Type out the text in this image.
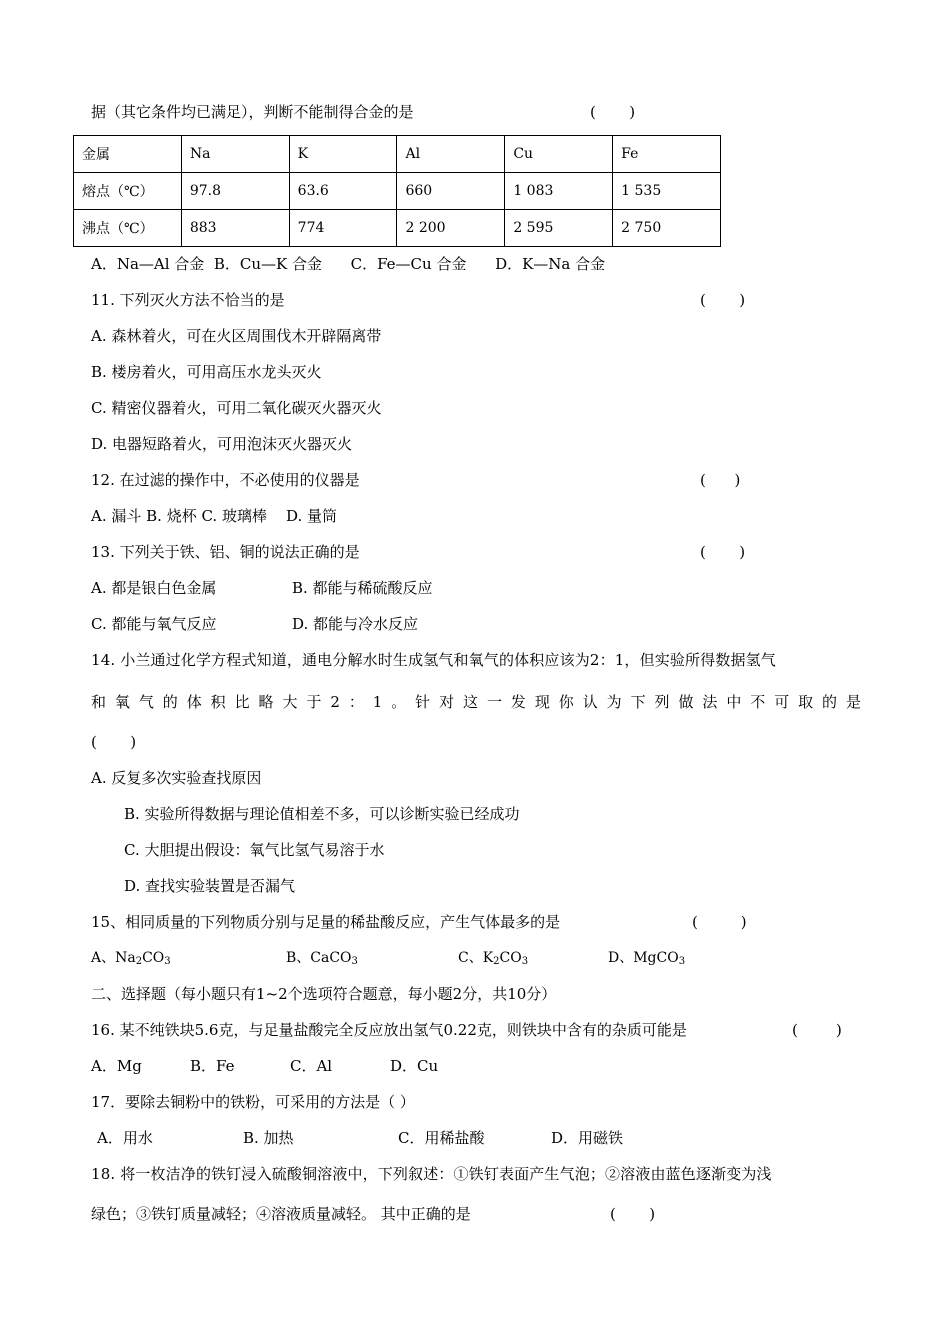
据（其它条件均已满足），判断不能制得合金的是	(       )
金属	Na	K	Al	Cu	Fe
熔点（℃）	97.8	63.6	660	1 083	1 535
沸点（℃）	883	774	2 200	2 595	2 750
A．Na—Al 合金 B．Cu—K 合金 C．Fe—Cu 合金 D．K—Na 合金
11. 下列灭火方法不恰当的是	(       )
A. 森林着火，可在火区周围伐木开辟隔离带
B. 楼房着火，可用高压水龙头灭火
C. 精密仪器着火，可用二氧化碳灭火器灭火
D. 电器短路着火，可用泡沫灭火器灭火
12. 在过滤的操作中，不必使用的仪器是	(      )
A. 漏斗 B. 烧杯 C. 玻璃棒    D. 量筒
13. 下列关于铁、铝、铜的说法正确的是	(       )
A. 都是银白色金属	B. 都能与稀硫酸反应
C. 都能与氧气反应	D. 都能与冷水反应
14. 小兰通过化学方程式知道，通电分解水时生成氢气和氧气的体积应该为2：1，但实验所得数据氢气
和氧气的体积比略大于2：1。针对这一发现你认为下列做法中不可取的是
(       )
A. 反复多次实验查找原因
B. 实验所得数据与理论值相差不多，可以诊断实验已经成功
C. 大胆提出假设：氧气比氢气易溶于水
D. 查找实验装置是否漏气
15、相同质量的下列物质分别与足量的稀盐酸反应，产生气体最多的是	(         )
A、$Na_2CO_3$	B、CaCO$_3$	C、$K_2CO_3$	D、MgCO$_3$
二、选择题（每小题只有1~2个选项符合题意，每小题2分，共10分）
16. 某不纯铁块5.6克，与足量盐酸完全反应放出氢气0.22克，则铁块中含有的杂质可能是	(        )
A．Mg	B．Fe	C．Al	D．Cu
17．要除去铜粉中的铁粉，可采用的方法是（ ）
A．用水	B. 加热	C．用稀盐酸	D．用磁铁
18. 将一枚洁净的铁钉浸入硫酸铜溶液中，下列叙述：①铁钉表面产生气泡；②溶液由蓝色逐渐变为浅
绿色；③铁钉质量减轻；④溶液质量减轻。 其中正确的是	(       )
